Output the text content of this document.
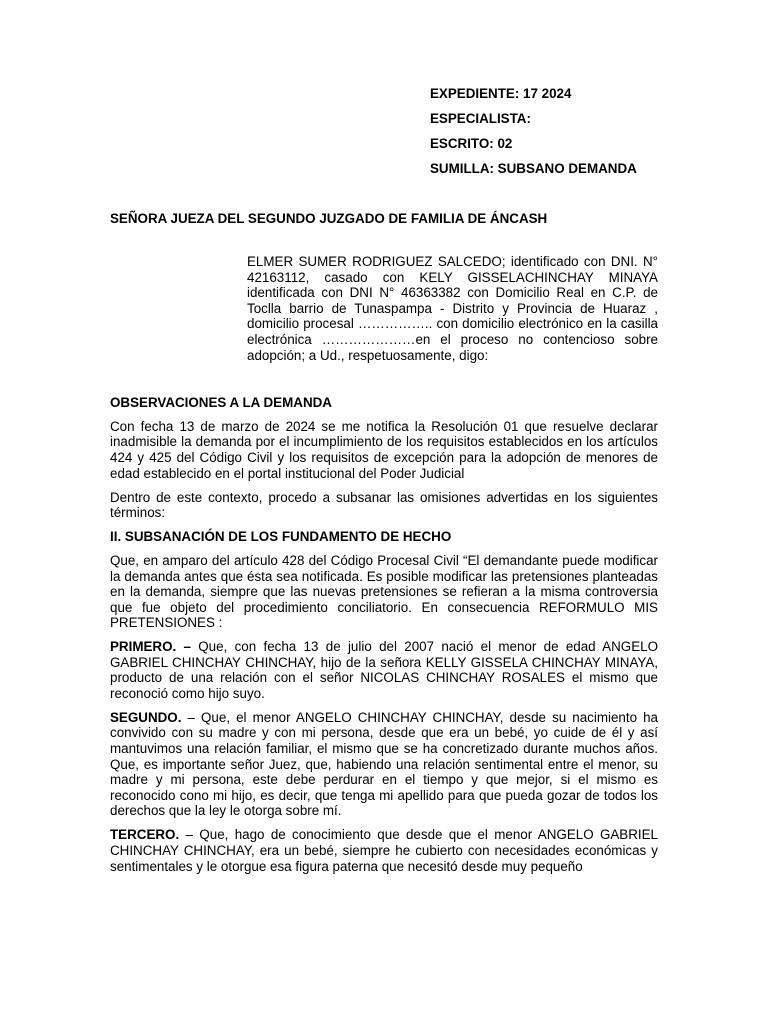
EXPEDIENTE: 17 2024

ESPECIALISTA:

ESCRITO: 02

SUMILLA: SUBSANO DEMANDA

SEÑORA JUEZA DEL SEGUNDO JUZGADO DE FAMILIA DE ÁNCASH

ELMER SUMER RODRIGUEZ SALCEDO; identificado con DNI. N° 42163112, casado con KELY GISSELACHINCHAY MINAYA identificada con DNI N° 46363382 con Domicilio Real en C.P. de Toclla barrio de Tunaspampa - Distrito y Provincia de Huaraz , domicilio procesal …………….. con domicilio electrónico en la casilla electrónica …………………en el proceso no contencioso sobre adopción; a Ud., respetuosamente, digo:

OBSERVACIONES A LA DEMANDA

Con fecha 13 de marzo de 2024 se me notifica la Resolución 01 que resuelve declarar inadmisible la demanda por el incumplimiento de los requisitos establecidos en los artículos 424 y 425 del Código Civil y los requisitos de excepción para la adopción de menores de edad establecido en el portal institucional del Poder Judicial

Dentro de este contexto, procedo a subsanar las omisiones advertidas en los siguientes términos:

II. SUBSANACIÓN DE LOS FUNDAMENTO DE HECHO

Que, en amparo del artículo 428 del Código Procesal Civil “El demandante puede modificar la demanda antes que ésta sea notificada. Es posible modificar las pretensiones planteadas en la demanda, siempre que las nuevas pretensiones se refieran a la misma controversia que fue objeto del procedimiento conciliatorio. En consecuencia REFORMULO MIS PRETENSIONES :

PRIMERO. – Que, con fecha 13 de julio del 2007 nació el menor de edad ANGELO GABRIEL CHINCHAY CHINCHAY, hijo de la señora KELLY GISSELA CHINCHAY MINAYA, producto de una relación con el señor NICOLAS CHINCHAY ROSALES el mismo que reconoció como hijo suyo.

SEGUNDO. – Que, el menor ANGELO CHINCHAY CHINCHAY, desde su nacimiento ha convivido con su madre y con mi persona, desde que era un bebé, yo cuide de él y así mantuvimos una relación familiar, el mismo que se ha concretizado durante muchos años. Que, es importante señor Juez, que, habiendo una relación sentimental entre el menor, su madre y mi persona, este debe perdurar en el tiempo y que mejor, si el mismo es reconocido cono mi hijo, es decir, que tenga mi apellido para que pueda gozar de todos los derechos que la ley le otorga sobre mí.

TERCERO. – Que, hago de conocimiento que desde que el menor ANGELO GABRIEL CHINCHAY CHINCHAY, era un bebé, siempre he cubierto con necesidades económicas y sentimentales y le otorgue esa figura paterna que necesitó desde muy pequeño
